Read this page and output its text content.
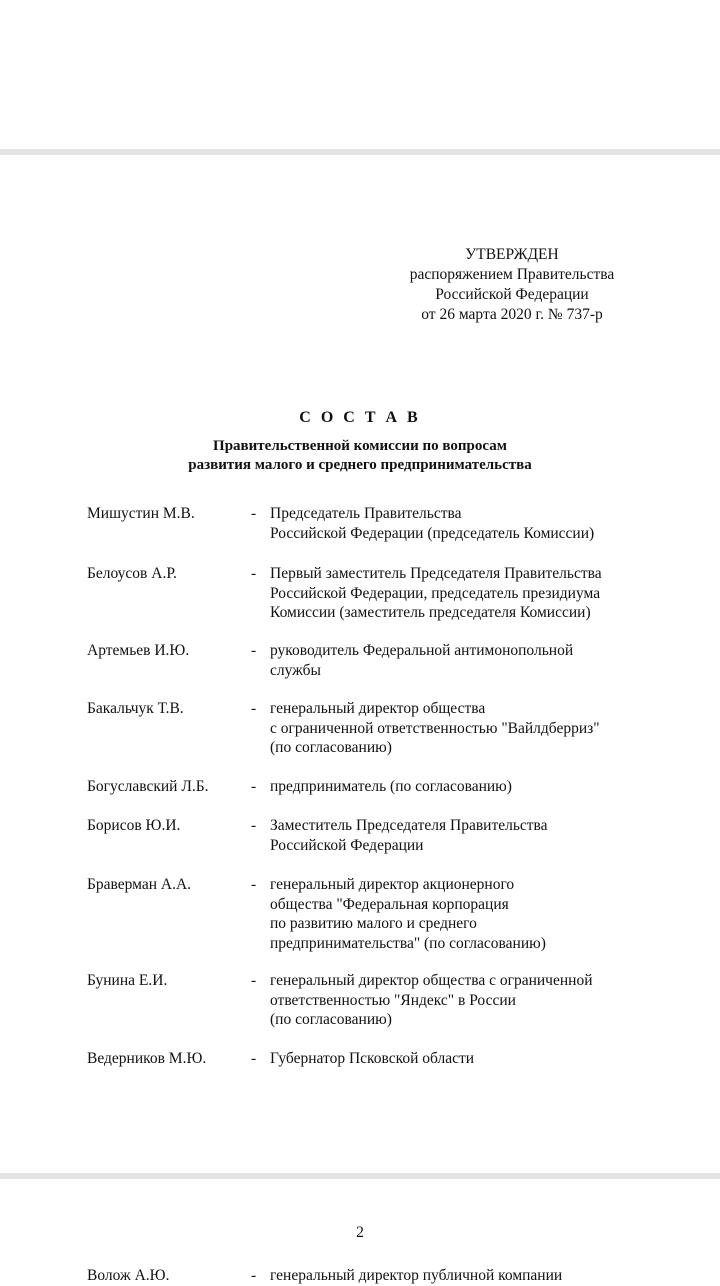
УТВЕРЖДЕН
распоряжением Правительства
Российской Федерации
от 26 марта 2020 г. № 737-р
С О С Т А В
Правительственной комиссии по вопросам
развития малого и среднего предпринимательства
Мишустин М.В.	- Председатель Правительства
Российской Федерации (председатель Комиссии)
Белоусов А.Р.	- Первый заместитель Председателя Правительства
Российской Федерации, председатель президиума
Комиссии (заместитель председателя Комиссии)
Артемьев И.Ю.	- руководитель Федеральной антимонопольной
службы
Бакальчук Т.В.	- генеральный директор общества
с ограниченной ответственностью "Вайлдберриз"
(по согласованию)
Богуславский Л.Б.	- предприниматель (по согласованию)
Борисов Ю.И.	- Заместитель Председателя Правительства
Российской Федерации
Браверман А.А.	- генеральный директор акционерного
общества "Федеральная корпорация
по развитию малого и среднего
предпринимательства" (по согласованию)
Бунина Е.И.	- генеральный директор общества с ограниченной
ответственностью "Яндекс" в России
(по согласованию)
Ведерников М.Ю.	- Губернатор Псковской области
Волож А.Ю.	- генеральный директор публичной компании
2
